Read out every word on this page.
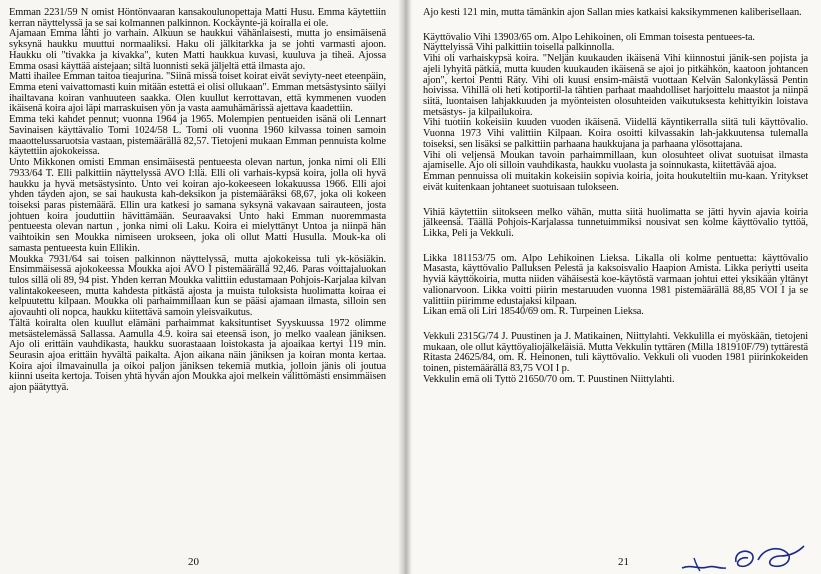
Emman 2231/59 N omist Höntönvaaran kansakoulunopettaja Matti Husu. Emma käytettiin kerran näyttelyssä ja se sai kolmannen palkinnon. Kockäynte-jä koiralla ei ole.

Ajamaan Emma lähti jo varhain. Alkuun se haukkui vähänlaisesti, mutta jo ensimäisenä syksynä haukku muuttui normaaliksi. Haku oli jälkitarkka ja se johti varmasti ajoon. Haukku oli "tivakka ja kivakka", kuten Matti haukkua kuvasi, kuuluva ja tiheä. Ajossa Emma osasi käyttää aistejaan; siltä luonnisti sekä jäljeltä että ilmasta ajo.

Matti ihailee Emman taitoa tieajurina. "Siinä missä toiset koirat eivät seviyty-neet eteenpäin, Emma eteni vaivattomasti kuin mitään estettä ei olisi ollukaan". Emman metsästysinto säilyi ihailtavana koiran vanhuuteen saakka. Olen kuullut kerrottavan, että kymmenen vuoden ikäisenä koira ajoi läpi marraskuisen yön ja vasta aamuhämärissä ajettava kaadettiin.

Emma teki kahdet pennut; vuonna 1964 ja 1965. Molempien pentueiden isänä oli Lennart Savinaisen käyttävalio Tomi 1024/58 L. Tomi oli vuonna 1960 kilvassa toinen samoin maaottelussaruotsia vastaan, pistemäärällä 82,57. Tietojeni mukaan Emman pennuista kolme käytettiin ajokokeissa.

Unto Mikkonen omisti Emman ensimäisestä pentueesta olevan nartun, jonka nimi oli Elli 7933/64 T. Elli palkittiin näyttelyssä AVO I:llä. Elli oli varhais-kypsä koira, jolla oli hyvä haukku ja hyvä metsästysinto. Unto vei koiran ajo-kokeeseen lokakuussa 1966. Elli ajoi yhden täyden ajon, se sai haukusta kah-deksikon ja pistemääräksi 68,67, joka oli kokeen toiseksi paras pistemäärä. Ellin ura katkesi jo samana syksynä vakavaan sairauteen, josta johtuen koira jouduttiin hävittämään. Seuraavaksi Unto haki Emman nuoremmasta pentueesta olevan nartun , jonka nimi oli Laku. Koira ei mielyttänyt Untoa ja niinpä hän vaihtoikin sen Moukka nimiseen urokseen, joka oli ollut Matti Husulla. Mouk-ka oli samasta pentueesta kuin Ellikin.

Moukka 7931/64 sai toisen palkinnon näyttelyssä, mutta ajokokeissa tuli yk-kösiäkin. Ensimmäisessä ajokokeessa Moukka ajoi AVO I pistemäärällä 92,46. Paras voittajaluokan tulos sillä oli 89, 94 pist. Yhden kerran Moukka valittiin edustamaan Pohjois-Karjalaa kilvan valintakokeeseen, mutta kahdesta pitkästä ajosta ja muista tuloksista huolimatta koiraa ei kelpuutettu kilpaan. Moukka oli parhaimmillaan kun se pääsi ajamaan ilmasta, silloin sen ajovauhti oli nopca, haukku kiitettävä samoin yleisvaikutus.

Tältä koiralta olen kuullut elämäni parhaimmat kaksituntiset Syyskuussa 1972 olimme metsästelemässä Sallassa. Aamulla 4.9. koira sai eteensä ison, jo melko vaalean jäniksen. Ajo oli erittäin vauhdikasta, haukku suorastaaan loistokasta ja ajoaikaa kertyi 119 min. Seurasin ajoa erittäin hyvältä paikalta. Ajon aikana näin jäniksen ja koiran monta kertaa. Koira ajoi ilmavainulla ja oikoi paljon jäniksen tekemiä mutkia, jolloin jänis oli joutua kiinni useita kertoja. Toisen yhtä hyvän ajon Moukka ajoi melkein välittömästi ensimmäisen ajon päätyttyä.

20

Ajo kesti 121 min, mutta tämänkin ajon Sallan mies katkaisi kaksikymmenen kaliberisellaan.

Käyttövalio Vihi 13903/65 om. Alpo Lehikoinen, oli Emman toisesta pentuees-ta.

Näyttelyissä Vihi palkittiin toisella palkinnolla.

Vihi oli varhaiskypsä koira. "Neljän kuukauden ikäisenä Vihi kiinnostui jänik-sen pojista ja ajeli lyhyitä pätkiä, mutta kuuden kuukauden ikäisenä se ajoi jo pitkähkön, kaatoon johtancen ajon", kertoi Pentti Räty. Vihi oli kuusi ensim-mäistä vuottaan Kelvän Salonkylässä Pentin hoivissa. Vihillä oli heti kotiportil-la tähtien parhaat maahdolliset harjoittelu maastot ja niinpä siitä, luontaisen lahjakkuuden ja myönteisten olosuhteiden vaikutuksesta kehittyikin loistava metsästys- ja kilpailukoira.

Vihi tuotiin kokeisiin kuuden vuoden ikäisenä. Viidellä käyntikerralla siitä tuli käyttövalio. Vuonna 1973 Vihi valittiin Kilpaan. Koira osoitti kilvassakin lah-jakkuutensa tulemalla toiseksi, sen lisäksi se palkittiin parhaana haukkujana ja parhaana ylösottajana.

Vihi oli veljensä Moukan tavoin parhaimmillaan, kun olosuhteet olivat suotuisat ilmasta ajamiselle. Ajo oli silloin vauhdikasta, haukku vuolasta ja soinnukasta, kiitettävää ajoa.

Emman pennuissa oli muitakin kokeisiin sopivia koiria, joita houkuteltiin mu-kaan. Yritykset eivät kuitenkaan johtaneet suotuisaan tulokseen.

Vihiä käytettiin siitokseen melko vähän, mutta siitä huolimatta se jätti hyvin ajavia koiria jälkeensä. Täällä Pohjois-Karjalassa tunnetuimmiksi nousivat sen kolme käyttövalio tyttöä, Likka, Peli ja Vekkuli.

Likka 181153/75 om. Alpo Lehikoinen Lieksa. Likalla oli kolme pentuetta: käyttövalio Masasta, käyttövalio Palluksen Pelestä ja kaksoisvalio Haapion Amista. Likka periytti useita hyviä käyttökoiria, mutta niiden vähäisestä koe-käytöstä varmaan johtui ettei yksikään yltänyt valionarvoon. Likka voitti piirin mestaruuden vuonna 1981 pistemäärällä 88,85 VOI I ja se valittiin piirimme edustajaksi kilpaan.

Likan emä oli Liri 18540/69 om. R. Turpeinen Lieksa.

Vekkuli 2315G/74 J. Puustinen ja J. Matikainen, Niittylahti. Vekkulilla ei myöskään, tietojeni mukaan, ole ollut käyttöyaliojälkeläisiä. Mutta Vekkulin tyttären (Milla 181910F/79) tyttärestä Ritasta 24625/84, om. R. Heinonen, tuli käyttövalio. Vekkuli oli vuoden 1981 piirinkokeiden toinen, pistemäärällä 83,75 VOI I p.

Vekkulin emä oli Tyttö 21650/70 om. T. Puustinen Niittylahti.

21
